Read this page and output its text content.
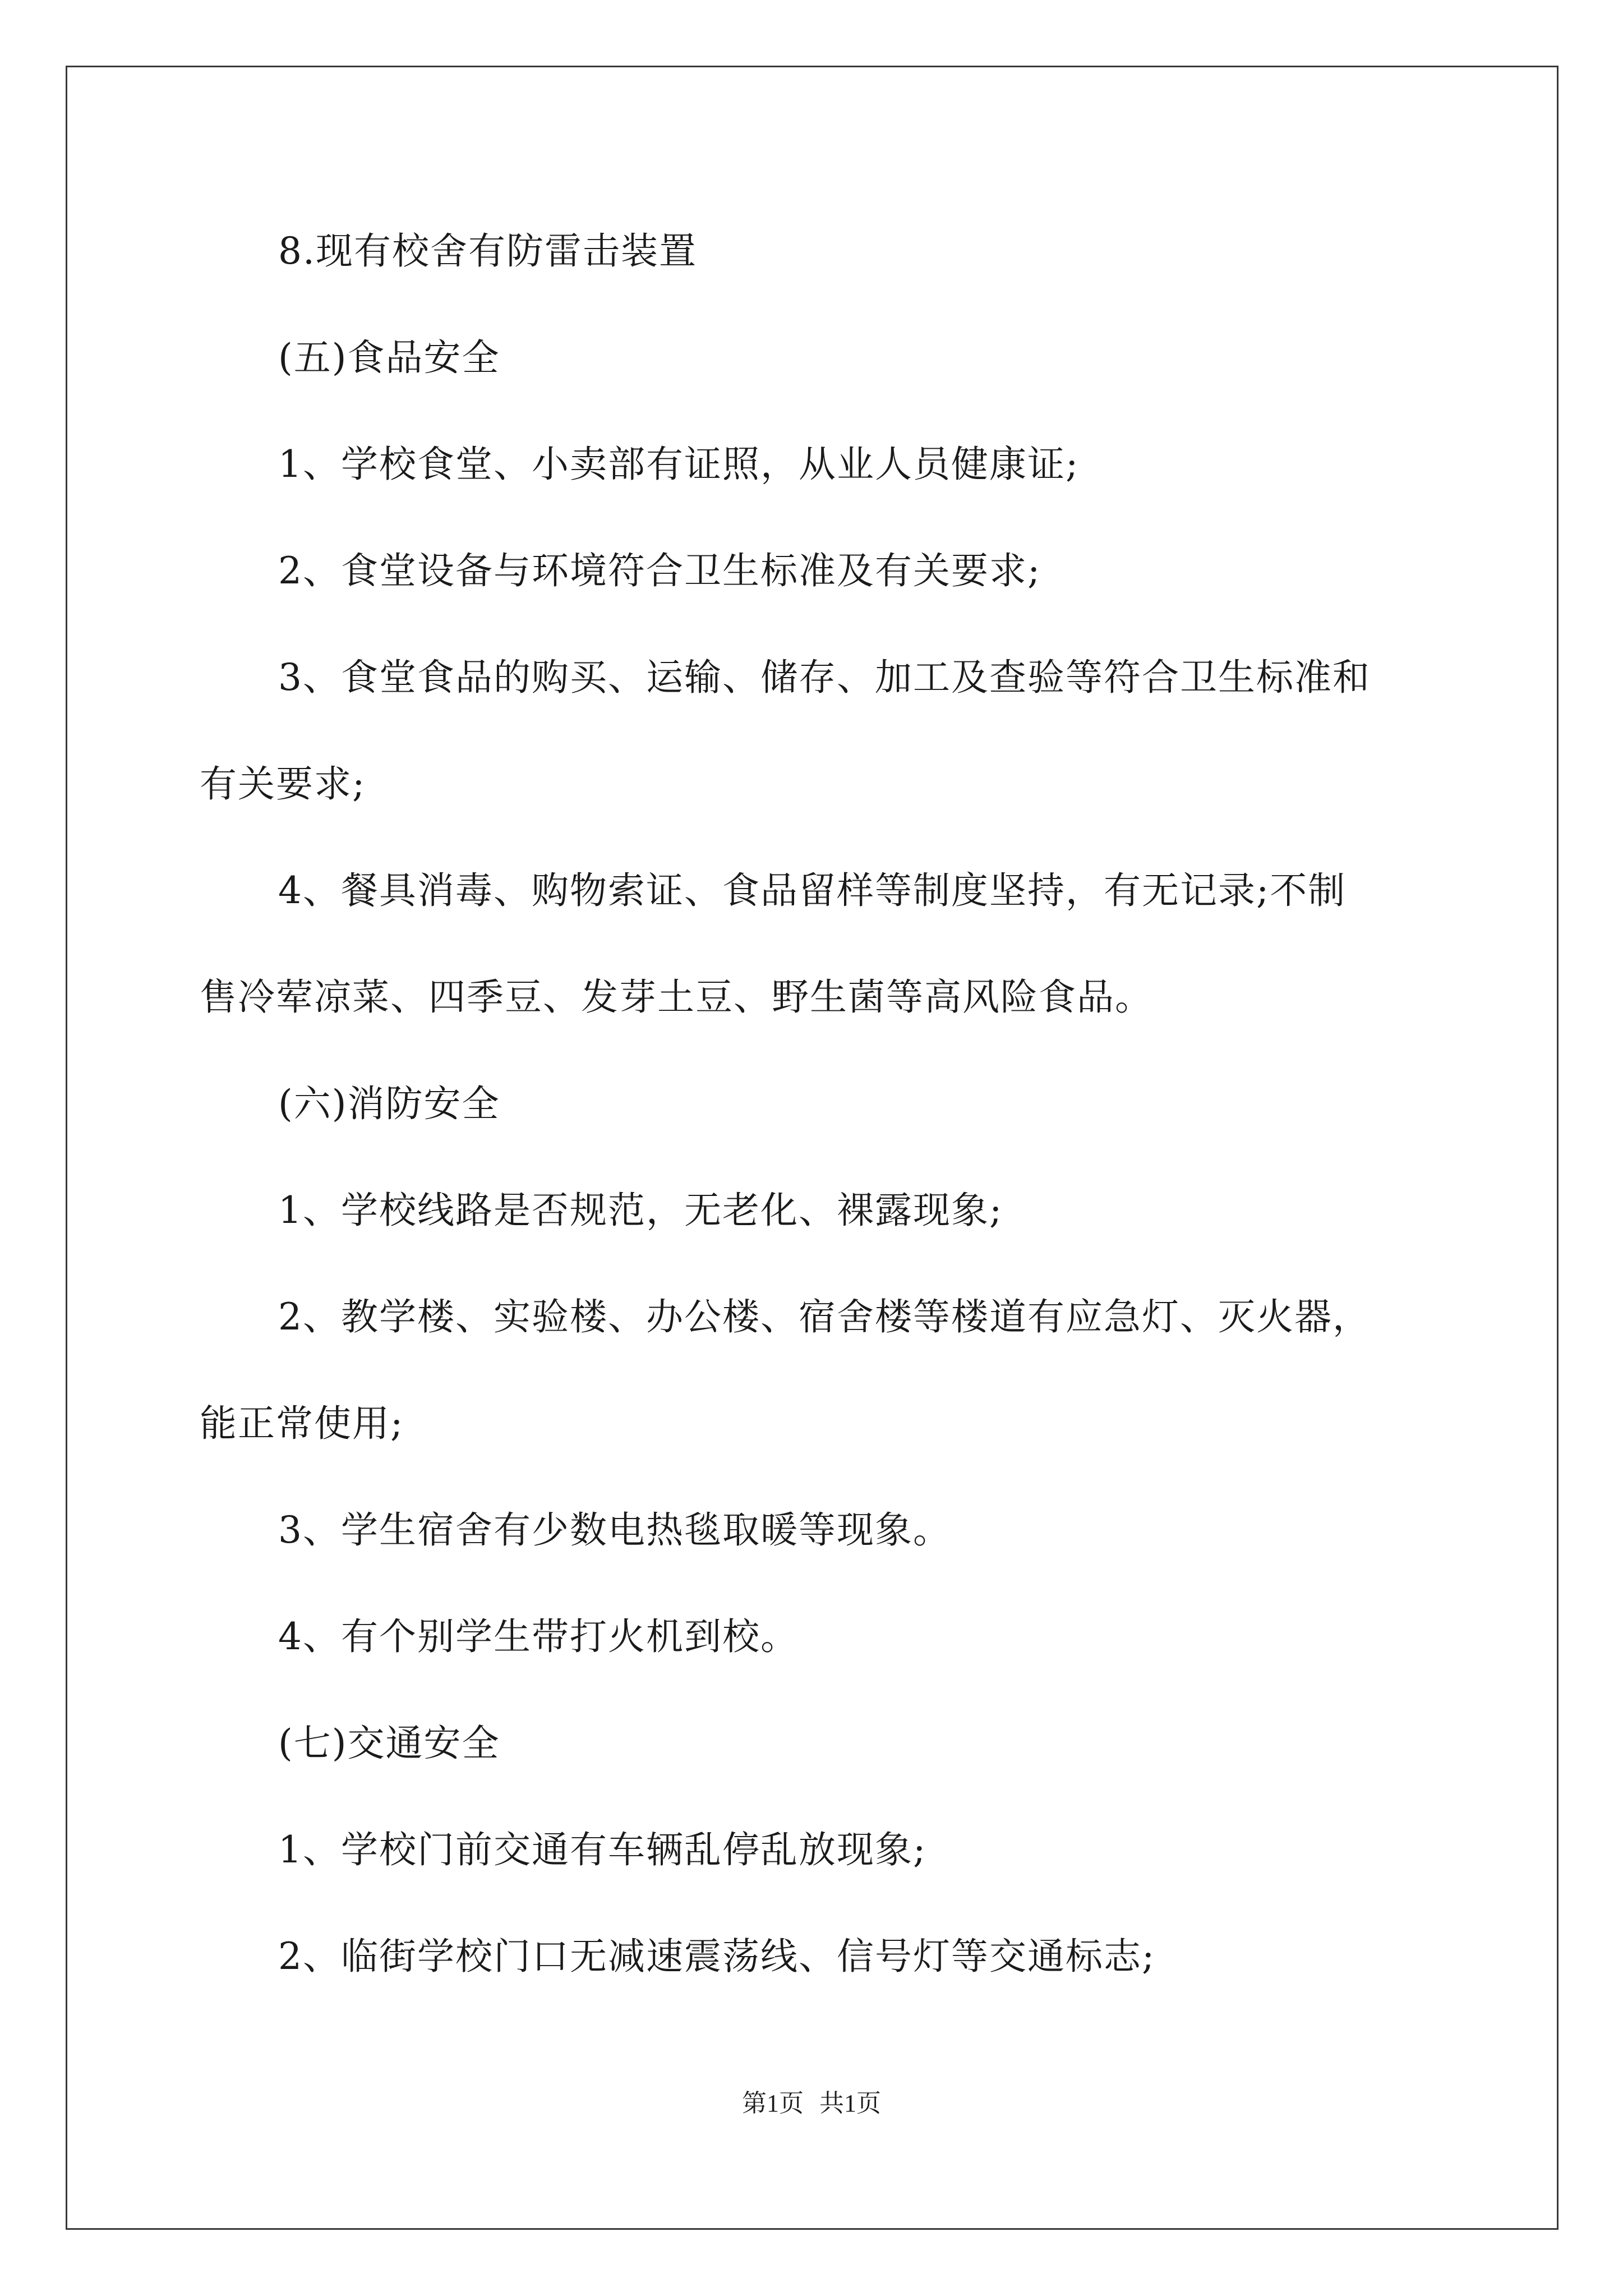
8.现有校舍有防雷击装置
(五)食品安全
1、学校食堂、小卖部有证照，从业人员健康证;
2、食堂设备与环境符合卫生标准及有关要求;
3、食堂食品的购买、运输、储存、加工及查验等符合卫生标准和
有关要求;
4、餐具消毒、购物索证、食品留样等制度坚持，有无记录;不制
售冷荤凉菜、四季豆、发芽土豆、野生菌等高风险食品。
(六)消防安全
1、学校线路是否规范，无老化、裸露现象;
2、教学楼、实验楼、办公楼、宿舍楼等楼道有应急灯、灭火器，
能正常使用;
3、学生宿舍有少数电热毯取暖等现象。
4、有个别学生带打火机到校。
(七)交通安全
1、学校门前交通有车辆乱停乱放现象;
2、临街学校门口无减速震荡线、信号灯等交通标志;
第1页 共1页
